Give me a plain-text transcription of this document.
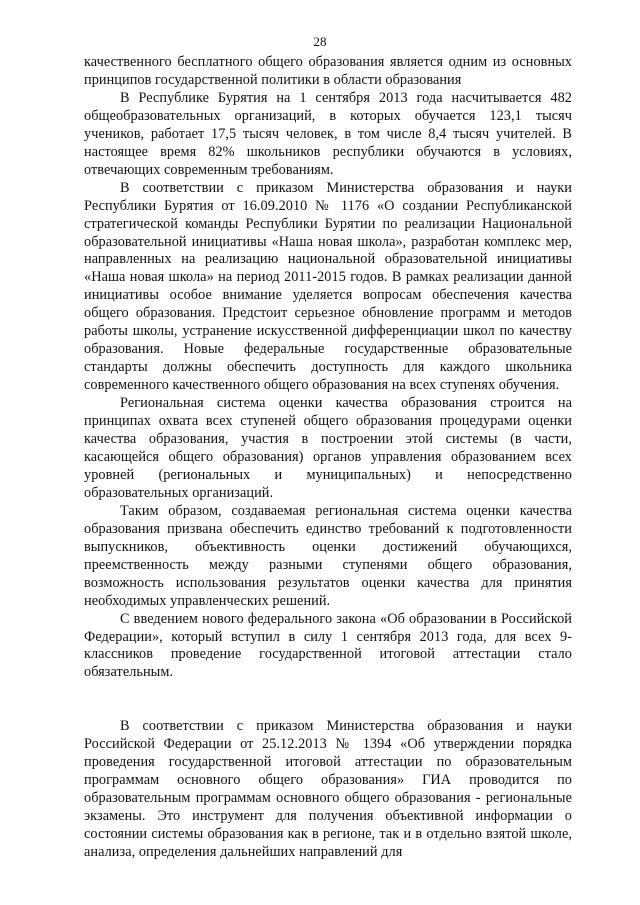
28

качественного бесплатного общего образования является одним из основных принципов государственной политики в области образования

В Республике Бурятия на 1 сентября 2013 года насчитывается 482 общеобразовательных организаций, в которых обучается 123,1 тысяч учеников, работает 17,5 тысяч человек, в том числе 8,4 тысяч учителей. В настоящее время 82% школьников республики обучаются в условиях, отвечающих современным требованиям.

В соответствии с приказом Министерства образования и науки Республики Бурятия от 16.09.2010 № 1176 «О создании Республиканской стратегической команды Республики Бурятии по реализации Национальной образовательной инициативы «Наша новая школа», разработан комплекс мер, направленных на реализацию национальной образовательной инициативы «Наша новая школа» на период 2011-2015 годов. В рамках реализации данной инициативы особое внимание уделяется вопросам обеспечения качества общего образования. Предстоит серьезное обновление программ и методов работы школы, устранение искусственной дифференциации школ по качеству образования. Новые федеральные государственные образовательные стандарты должны обеспечить доступность для каждого школьника современного качественного общего образования на всех ступенях обучения.

Региональная система оценки качества образования строится на принципах охвата всех ступеней общего образования процедурами оценки качества образования, участия в построении этой системы (в части, касающейся общего образования) органов управления образованием всех уровней (региональных и муниципальных) и непосредственно образовательных организаций.

Таким образом, создаваемая региональная система оценки качества образования призвана обеспечить единство требований к подготовленности выпускников, объективность оценки достижений обучающихся, преемственность между разными ступенями общего образования, возможность использования результатов оценки качества для принятия необходимых управленческих решений.

С введением нового федерального закона «Об образовании в Российской Федерации», который вступил в силу 1 сентября 2013 года, для всех 9-классников проведение государственной итоговой аттестации стало обязательным.

В соответствии с приказом Министерства образования и науки Российской Федерации от 25.12.2013 № 1394 «Об утверждении порядка проведения государственной итоговой аттестации по образовательным программам основного общего образования» ГИА проводится по образовательным программам основного общего образования - региональные экзамены. Это инструмент для получения объективной информации о состоянии системы образования как в регионе, так и в отдельно взятой школе, анализа, определения дальнейших направлений для
